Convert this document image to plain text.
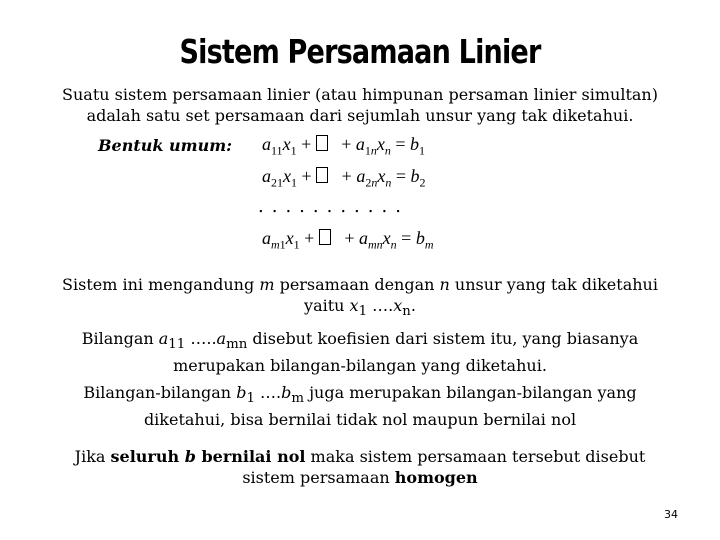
Sistem Persamaan Linier
Suatu sistem persamaan linier (atau himpunan persaman linier simultan) adalah satu set persamaan dari sejumlah unsur yang tak diketahui.
Bentuk umum: $a_{11}x_1$ +    + $a_{1n}x_n = b_1$
$a_{21}x_1$ +    + $a_{2n}x_n = b_2$
...........
$a_{m1}x_1$ +    + $a_{mn}x_n = b_m$
Sistem ini mengandung m persamaan dengan n unsur yang tak diketahui yaitu $x_1$ $\dots.x_n$.
Bilangan $a_{11}$ $\dots..a_{mn}$ disebut koefisien dari sistem itu, yang biasanya merupakan bilangan-bilangan yang diketahui.
Bilangan-bilangan $b_1$ $\dots.b_m$ juga merupakan bilangan-bilangan yang diketahui, bisa bernilai tidak nol maupun bernilai nol
Jika seluruh b bernilai nol maka sistem persamaan tersebut disebut sistem persamaan homogen
34
